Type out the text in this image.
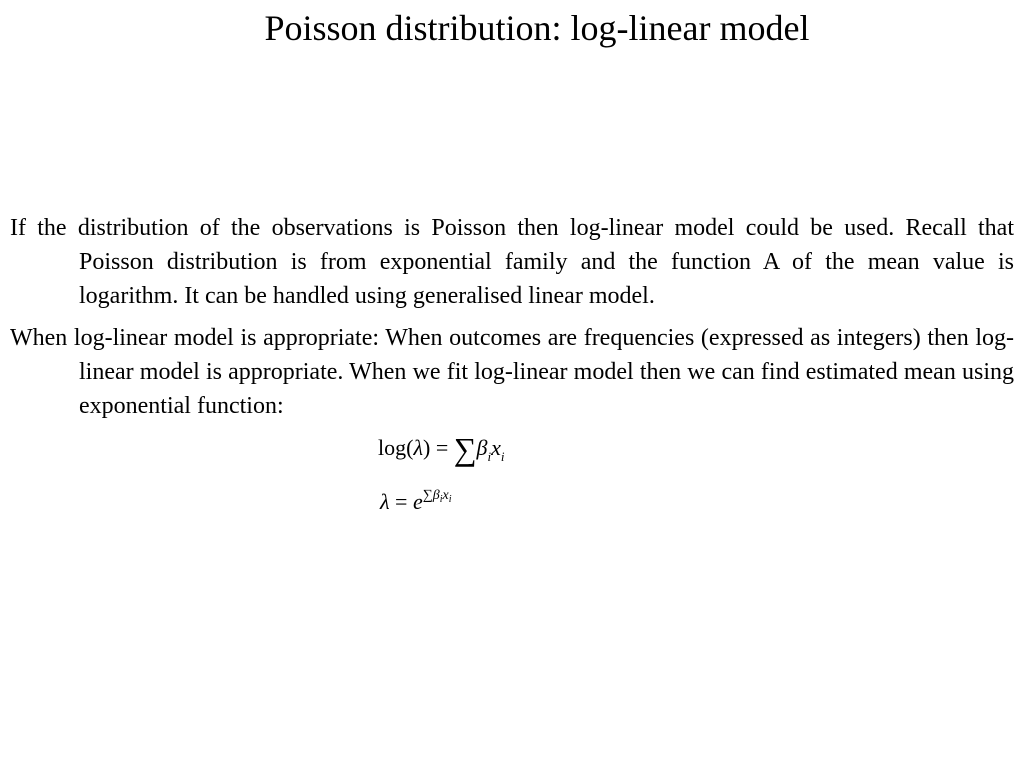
Poisson distribution: log-linear model

If the distribution of the observations is Poisson then log-linear model could be used. Recall that Poisson distribution is from exponential family and the function A of the mean value is logarithm. It can be handled using generalised linear model.

When log-linear model is appropriate: When outcomes are frequencies (expressed as integers) then log-linear model is appropriate. When we fit log-linear model then we can find estimated mean using exponential function:

$\log(\lambda) = \sum\beta_ix_i$
$\lambda = e^{\sum\beta_ix_i}$
